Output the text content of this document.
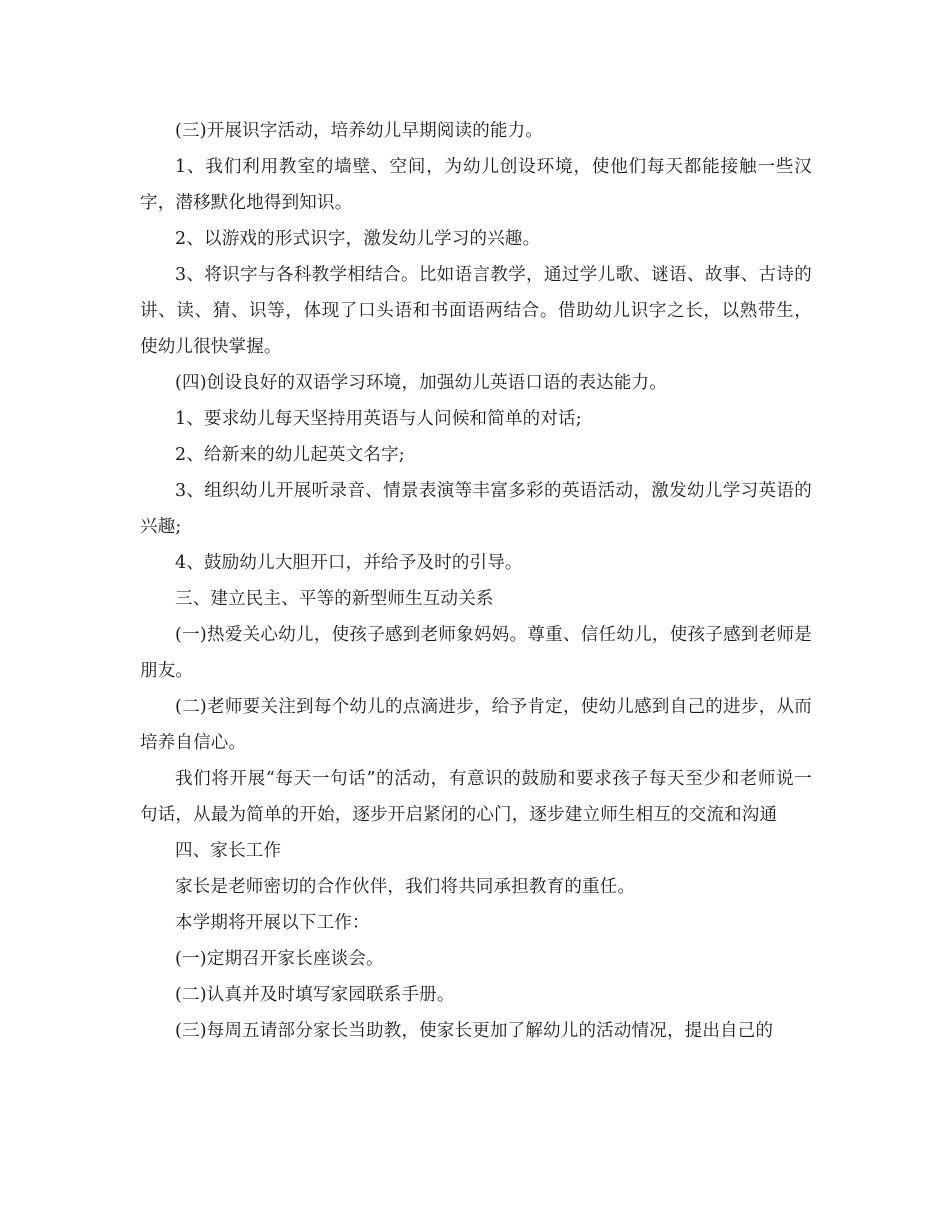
(三)开展识字活动，培养幼儿早期阅读的能力。

1、我们利用教室的墙壁、空间，为幼儿创设环境，使他们每天都能接触一些汉字，潜移默化地得到知识。

2、以游戏的形式识字，激发幼儿学习的兴趣。

3、将识字与各科教学相结合。比如语言教学，通过学儿歌、谜语、故事、古诗的讲、读、猜、识等，体现了口头语和书面语两结合。借助幼儿识字之长，以熟带生，使幼儿很快掌握。

(四)创设良好的双语学习环境，加强幼儿英语口语的表达能力。

1、要求幼儿每天坚持用英语与人问候和简单的对话;

2、给新来的幼儿起英文名字;

3、组织幼儿开展听录音、情景表演等丰富多彩的英语活动，激发幼儿学习英语的兴趣;

4、鼓励幼儿大胆开口，并给予及时的引导。

三、建立民主、平等的新型师生互动关系

(一)热爱关心幼儿，使孩子感到老师象妈妈。尊重、信任幼儿，使孩子感到老师是朋友。

(二)老师要关注到每个幼儿的点滴进步，给予肯定，使幼儿感到自己的进步，从而培养自信心。

我们将开展“每天一句话”的活动，有意识的鼓励和要求孩子每天至少和老师说一句话，从最为简单的开始，逐步开启紧闭的心门，逐步建立师生相互的交流和沟通

四、家长工作

家长是老师密切的合作伙伴，我们将共同承担教育的重任。

本学期将开展以下工作：

(一)定期召开家长座谈会。

(二)认真并及时填写家园联系手册。

(三)每周五请部分家长当助教，使家长更加了解幼儿的活动情况，提出自己的
